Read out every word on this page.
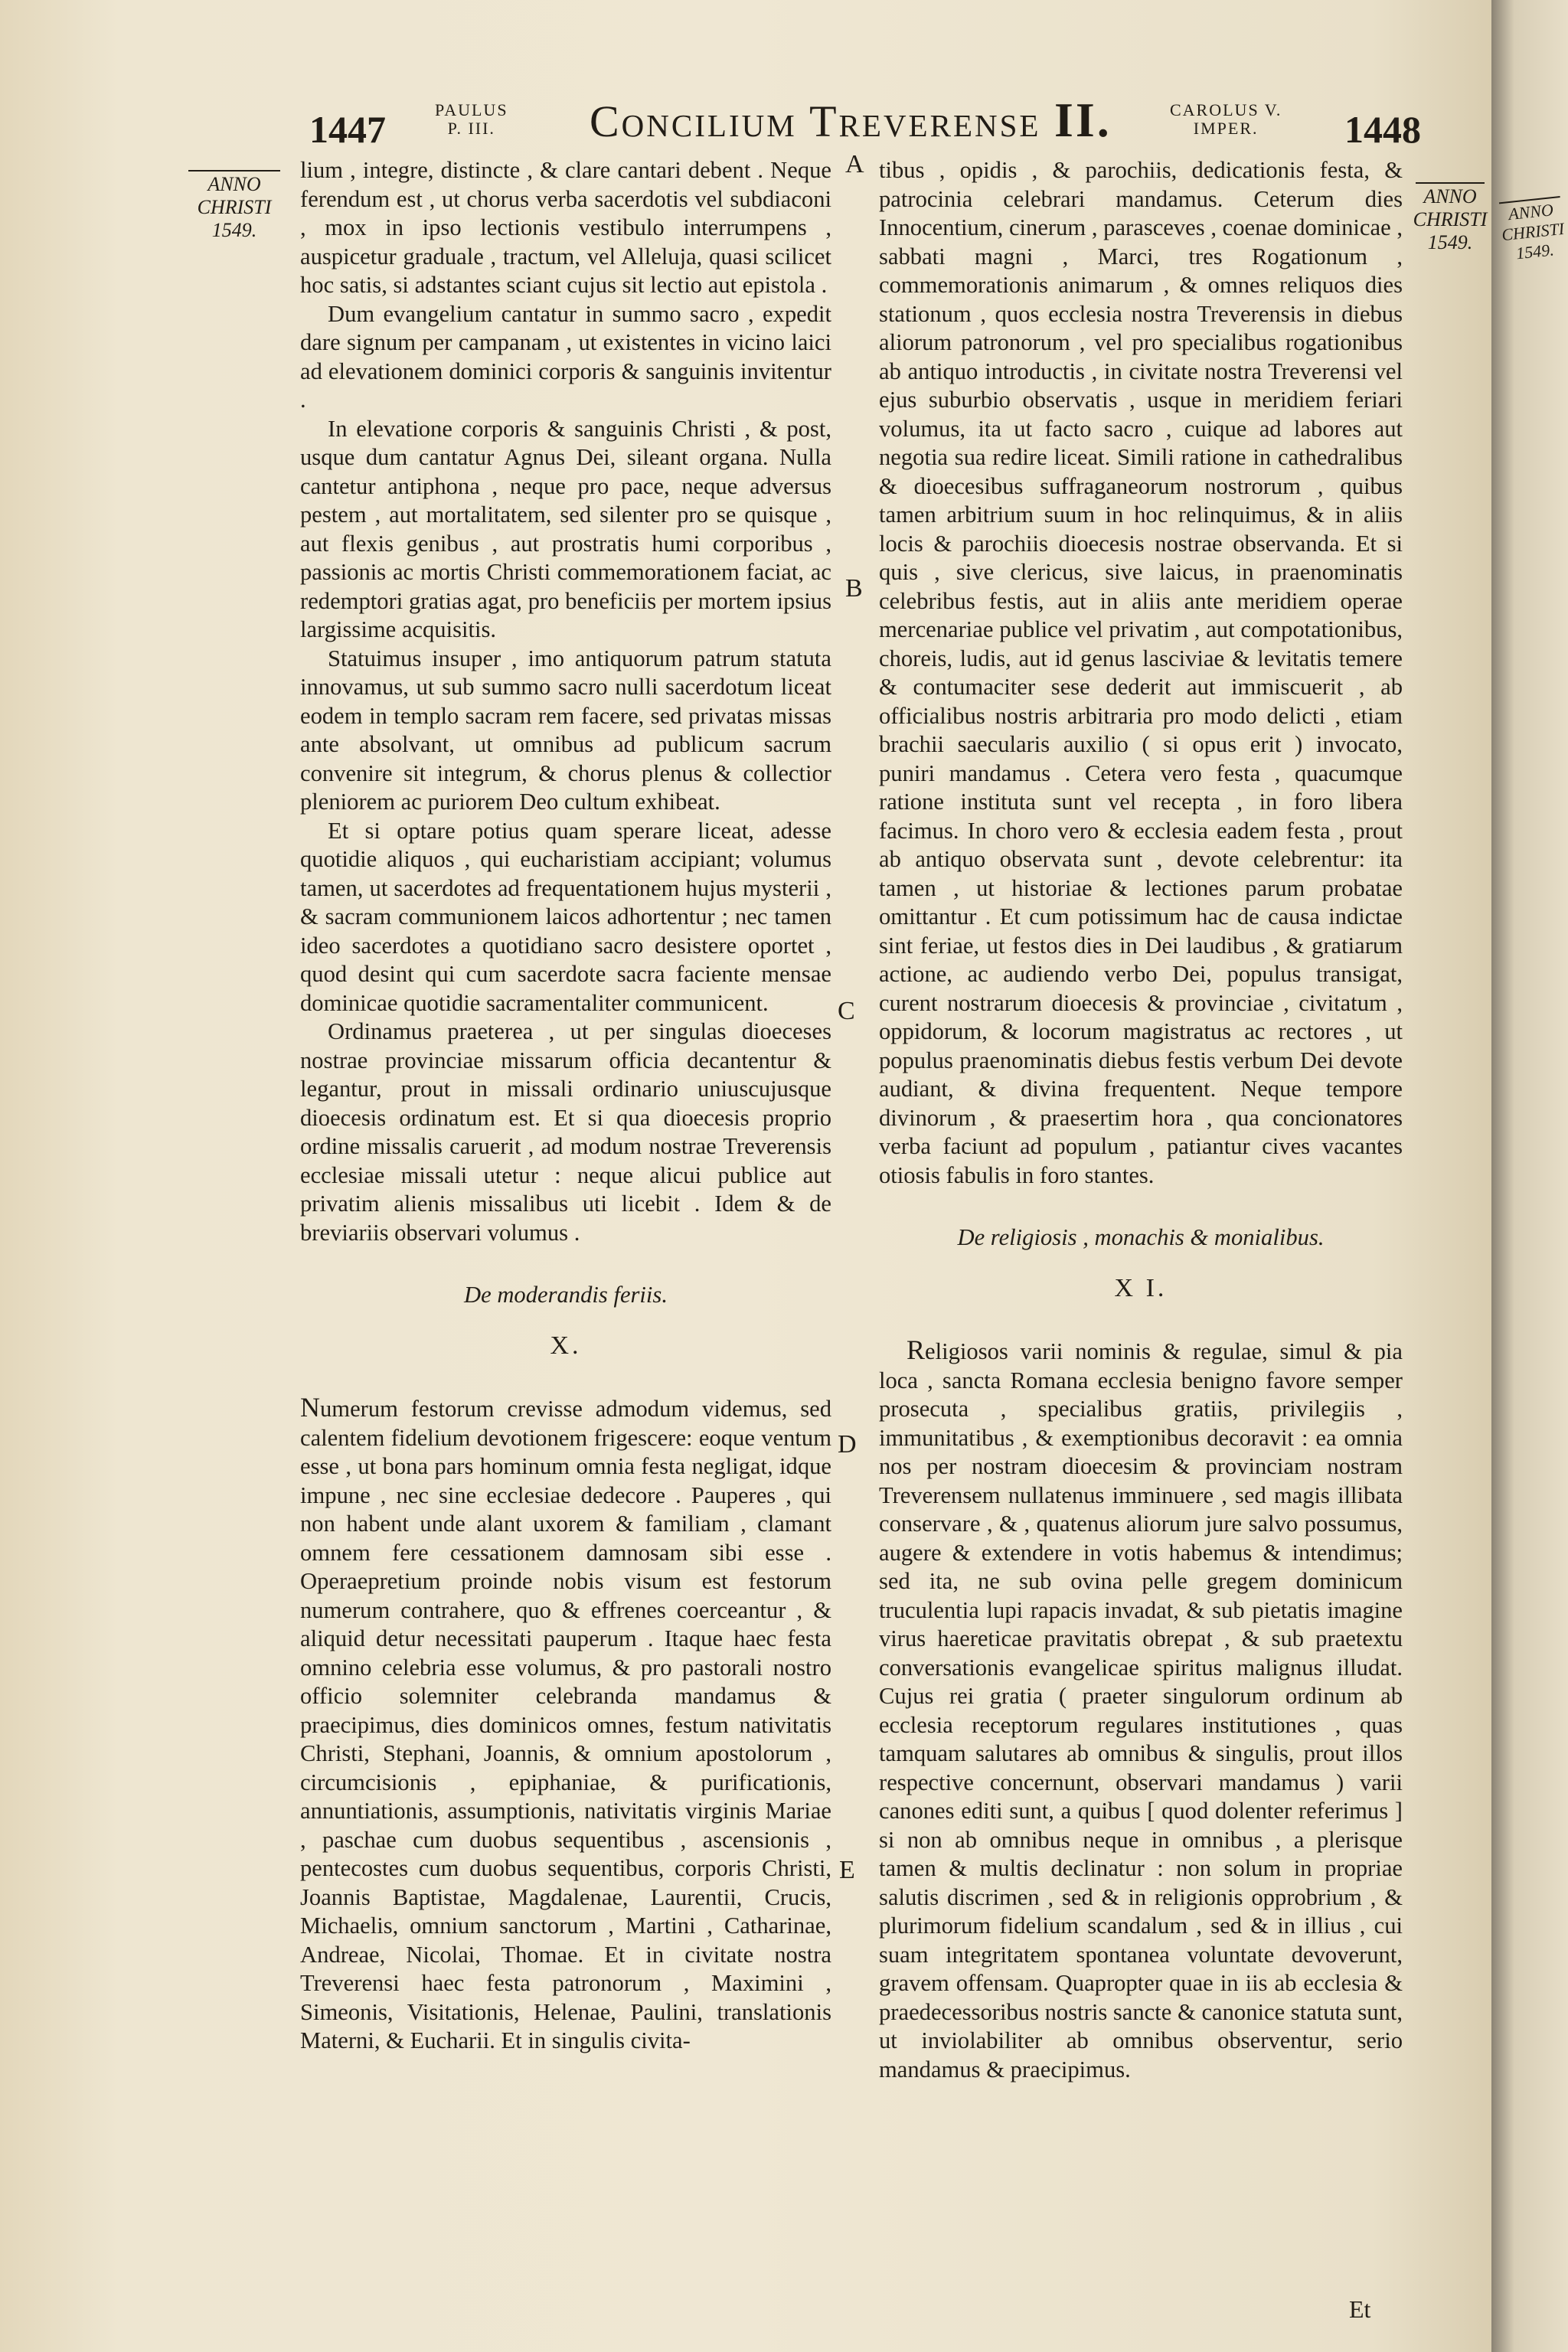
1447	PAULUS
P. III. Concilium Treverense II.	CAROLUS V.
IMPER.	1448
ANNO
CHRISTI
1549.
ANNO
CHRISTI
1549.
A
B
C
D
E

lium , integre, distincte , & clare cantari debent . Neque ferendum est , ut chorus verba sacerdotis vel subdiaconi , mox in ipso lectionis vestibulo interrumpens , auspicetur graduale , tractum, vel Alleluja, quasi scilicet hoc satis, si adstantes sciant cujus sit lectio aut epistola .

Dum evangelium cantatur in summo sacro , expedit dare signum per campanam , ut existentes in vicino laici ad elevationem dominici corporis & sanguinis invitentur .

In elevatione corporis & sanguinis Christi , & post, usque dum cantatur Agnus Dei, sileant organa. Nulla cantetur antiphona , neque pro pace, neque adversus pestem , aut mortalitatem, sed silenter pro se quisque , aut flexis genibus , aut prostratis humi corporibus , passionis ac mortis Christi commemorationem faciat, ac redemptori gratias agat, pro beneficiis per mortem ipsius largissime acquisitis.

Statuimus insuper , imo antiquorum patrum statuta innovamus, ut sub summo sacro nulli sacerdotum liceat eodem in templo sacram rem facere, sed privatas missas ante absolvant, ut omnibus ad publicum sacrum convenire sit integrum, & chorus plenus & collectior pleniorem ac puriorem Deo cultum exhibeat.

Et si optare potius quam sperare liceat, adesse quotidie aliquos , qui eucharistiam accipiant; volumus tamen, ut sacerdotes ad frequentationem hujus mysterii , & sacram communionem laicos adhortentur ; nec tamen ideo sacerdotes a quotidiano sacro desistere oportet , quod desint qui cum sacerdote sacra faciente mensae dominicae quotidie sacramentaliter communicent.

Ordinamus praeterea , ut per singulas dioeceses nostrae provinciae missarum officia decantentur & legantur, prout in missali ordinario uniuscujusque dioecesis ordinatum est. Et si qua dioecesis proprio ordine missalis caruerit , ad modum nostrae Treverensis ecclesiae missali utetur : neque alicui publice aut privatim alienis missalibus uti licebit . Idem & de breviariis observari volumus .

De moderandis feriis.
X.

Numerum festorum crevisse admodum videmus, sed calentem fidelium devotionem frigescere: eoque ventum esse , ut bona pars hominum omnia festa negligat, idque impune , nec sine ecclesiae dedecore . Pauperes , qui non habent unde alant uxorem & familiam , clamant omnem fere cessationem damnosam sibi esse . Operaepretium proinde nobis visum est festorum numerum contrahere, quo & effrenes coerceantur , & aliquid detur necessitati pauperum . Itaque haec festa omnino celebria esse volumus, & pro pastorali nostro officio solemniter celebranda mandamus & praecipimus, dies dominicos omnes, festum nativitatis Christi, Stephani, Joannis, & omnium apostolorum , circumcisionis , epiphaniae, & purificationis, annuntiationis, assumptionis, nativitatis virginis Mariae , paschae cum duobus sequentibus , ascensionis , pentecostes cum duobus sequentibus, corporis Christi, Joannis Baptistae, Magdalenae, Laurentii, Crucis, Michaelis, omnium sanctorum , Martini , Catharinae, Andreae, Nicolai, Thomae. Et in civitate nostra Treverensi haec festa patronorum , Maximini , Simeonis, Visitationis, Helenae, Paulini, translationis Materni, & Eucharii. Et in singulis civita-

tibus , opidis , & parochiis, dedicationis festa, & patrocinia celebrari mandamus. Ceterum dies Innocentium, cinerum , parasceves , coenae dominicae , sabbati magni , Marci, tres Rogationum , commemorationis animarum , & omnes reliquos dies stationum , quos ecclesia nostra Treverensis in diebus aliorum patronorum , vel pro specialibus rogationibus ab antiquo introductis , in civitate nostra Treverensi vel ejus suburbio observatis , usque in meridiem feriari volumus, ita ut facto sacro , cuique ad labores aut negotia sua redire liceat. Simili ratione in cathedralibus & dioecesibus suffraganeorum nostrorum , quibus tamen arbitrium suum in hoc relinquimus, & in aliis locis & parochiis dioecesis nostrae observanda. Et si quis , sive clericus, sive laicus, in praenominatis celebribus festis, aut in aliis ante meridiem operae mercenariae publice vel privatim , aut compotationibus, choreis, ludis, aut id genus lasciviae & levitatis temere & contumaciter sese dederit aut immiscuerit , ab officialibus nostris arbitraria pro modo delicti , etiam brachii saecularis auxilio ( si opus erit ) invocato, puniri mandamus . Cetera vero festa , quacumque ratione instituta sunt vel recepta , in foro libera facimus. In choro vero & ecclesia eadem festa , prout ab antiquo observata sunt , devote celebrentur: ita tamen , ut historiae & lectiones parum probatae omittantur . Et cum potissimum hac de causa indictae sint feriae, ut festos dies in Dei laudibus , & gratiarum actione, ac audiendo verbo Dei, populus transigat, curent nostrarum dioecesis & provinciae , civitatum , oppidorum, & locorum magistratus ac rectores , ut populus praenominatis diebus festis verbum Dei devote audiant, & divina frequentent. Neque tempore divinorum , & praesertim hora , qua concionatores verba faciunt ad populum , patiantur cives vacantes otiosis fabulis in foro stantes.

De religiosis , monachis & monialibus.
X I.

Religiosos varii nominis & regulae, simul & pia loca , sancta Romana ecclesia benigno favore semper prosecuta , specialibus gratiis, privilegiis , immunitatibus , & exemptionibus decoravit : ea omnia nos per nostram dioecesim & provinciam nostram Treverensem nullatenus imminuere , sed magis illibata conservare , & , quatenus aliorum jure salvo possumus, augere & extendere in votis habemus & intendimus; sed ita, ne sub ovina pelle gregem dominicum truculentia lupi rapacis invadat, & sub pietatis imagine virus haereticae pravitatis obrepat , & sub praetextu conversationis evangelicae spiritus malignus illudat. Cujus rei gratia ( praeter singulorum ordinum ab ecclesia receptorum regulares institutiones , quas tamquam salutares ab omnibus & singulis, prout illos respective concernunt, observari mandamus ) varii canones editi sunt, a quibus [ quod dolenter referimus ] si non ab omnibus neque in omnibus , a plerisque tamen & multis declinatur : non solum in propriae salutis discrimen , sed & in religionis opprobrium , & plurimorum fidelium scandalum , sed & in illius , cui suam integritatem spontanea voluntate devoverunt, gravem offensam. Quapropter quae in iis ab ecclesia & praedecessoribus nostris sancte & canonice statuta sunt, ut inviolabiliter ab omnibus observentur, serio mandamus & praecipimus.

Et
ANNO
CHRISTI
1549.
